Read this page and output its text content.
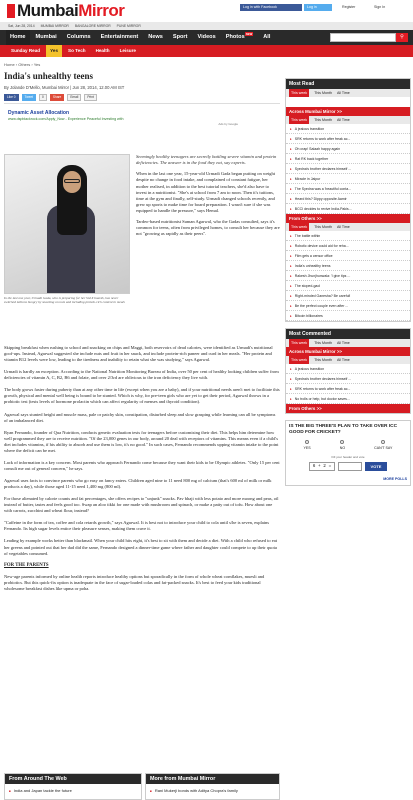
Mumbai Mirror	Log in with Facebook	Log in	Register	Sign In
Sat, Jun 28, 2014 MUMBAI MIRROR BANGALORE MIRROR PUNE MIRROR
Home	Mumbai	Columns	Entertainment	News	Sport	Videos	Photos$^{NEW}$	All	⚲
Sunday Read	Yes	So Tech	Health	Leisure
Home › Others › Yes
India's unhealthy teens
By Jolande D'Mello, Mumbai Mirror | Jun 28, 2014, 12.00 AM IST
Like 0	Tweet	0	Share	Email	Print
Dynamic Asset Allocation
www.dspblackrock.com/Apply_Now - Experience Peaceful Investing with
Ads by Google
In the last one year, Urmadi Gada, who is preparing for her Std X boards, has never switched tuitions hungry by snacking on nuts and including protein-rich content in meals
Seemingly healthy teenagers are secretly battling severe vitamin and protein deficiencies. The answer is in the food they eat, say experts.

When in the last one year, 15-year-old Urmadi Gada began putting on weight despite no change in food intake, and complained of constant fatigue, her mother realised, in addition to the best tutorial teachers, she'd also have to invest in a nutritionist. "She's at school from 7 am to noon. Then it's tuitions, time at the gym and finally, self-study. Urmadi changed schools recently, and grew up sports to make time for board preparation. I wasn't sure if she was equipped to handle the pressure," says Hemal.

Tardeo-based nutritionist Suman Agarwal, who the Gadas consulted, says it's common for teens, often from privileged homes, to consult her because they are not "growing as rapidly as their peers".

Skipping breakfast when rushing to school and snacking on chips and Maggi, both reservoirs of dead calories, were identified as Urmadi's nutritional goof-ups. Instead, Agarwal suggested she include nuts and fruit in her snack, and include protein-rich paneer and curd in her meals. "Her protein and vitamin B12 levels were low, leading to the tiredness and inability to retain what she was studying," says Agarwal.

Urmadi is hardly an exception. According to the National Nutrition Monitoring Bureau of India, over 50 per cent of healthy looking children suffer from deficiencies of vitamin A, C, B2, B6 and folate, and over 2/3rd are oblivious to the iron deficiency they live with.

The body grows faster during puberty than at any other time in life (except when you are a baby), and if your nutritional needs aren't met to facilitate this growth, physical and mental well being is bound to be stunted. Which is why, for pre-teen girls who are yet to get their period, Agarwal throws in a probiotic test (tests levels of hormone prolactin which can affect regularity of menses and thyroid condition).

Agarwal says stunted height and muscle mass, pale or patchy skin, constipation, disturbed sleep and slow grasping while learning can all be symptoms of an imbalanced diet.

Ryan Fernando, founder of Qua Nutrition, conducts genetic evaluation tests for teenagers before customising their diet. This helps him determine how well programmed they are to receive nutrition. "Of the 23,000 genes in our body, around 20 deal with receptors of vitamins. This means even if a child's diet includes vitamins, if his ability to absorb and use them is low, it's no good." In such cases, Fernando recommends upping vitamin intake to the point where the deficit can be met.

Lack of information is a key concern. Most parents who approach Fernando come because they want their kids to be Olympic athletes. "Only 15 per cent consult me out of general concern," he says.

Agarwal uses facts to convince parents who go easy on fancy eaters. Children aged nine to 11 need 800 mg of calcium (that's 600 ml of milk or milk products a day), while those aged 11-15 need 1,400 mg (800 ml).

For those alienated by calorie counts and fat percentages, she offers recipes to "unjunk" snacks. Pav bhaji with less potato and more moong and peas, oil instead of butter, tastes and feels good too. Swap an aloo tikki for one made with mushroom and spinach, or make a patty out of tofu. How about one with carrots, zucchini and wheat flour, instead?

"Caffeine in the form of tea, coffee and cola retards growth," says Agarwal. It is best not to introduce your child to cola until s/he is seven, explains Fernando. Its high sugar levels entice their pleasure senses, making them crave it.

Leading by example works better than blackmail. When your child hits eight, it's best to sit with them and decide a diet. With a child who refused to eat her greens and pointed out that her dad did the same, Fernando designed a dinner-time game where father and daughter could compete to up their quota of vegetables consumed.

FOR THE PARENTS

New-age parents informed by online health reports introduce healthy options but sporadically in the form of whole wheat cornflakes, muesli and probiotics. But this quick-fix option is inadequate in the face of sugar-loaded colas and fat-packed snacks. It's best to feed your kids traditional wholesome breakfast dishes like upma or poha.

From Around The Web
■ India and Japan tackle the future
More from Mumbai Mirror
■ Rani Mukerji bonds with Aditya Chopra's family
Most Read
This week	This Month All Time
Across Mumbai Mirror >>
This week	This Month All Time
▸ A jealous transition
▸ SRK returns to work after freak ac...
▸ Oh crap! Salaah happy again
▸ Rat RK back together
▸ Syedna's brother declares himself ...
▸ Miracle in Jaipur
▸ The Syedna was a 'beautiful conta...
▸ Heard this? Dippy opposite Aamir
▸ BCCI decides to revive India-Pakis...
From Others >>
This week	This Month All Time
▸ The battle within
▸ Robotic device could aid for reha...
▸ Film gets a censor office
▸ India's unhealthy teens
▸ Rakesh Jhunjhunwala: 'I give tips ...
▸ The stoped-gaol
▸ Right-minded Ganesha? Be careful!
▸ Be the perfect couple even after ...
▸ Bitcoin billionaires
Most Commented
This week	This Month All Time
Across Mumbai Mirror >>
This week	This Month All Time
▸ A jealous transition
▸ Syedna's brother declares himself ...
▸ SRK returns to work after freak ac...
▸ No trolls or help, but doctor saves...
From Others >>
IS THE BIG THREE'S PLAN TO TAKE OVER ICC GOOD FOR CRICKET?
YES	NO	CAN'T SAY
Fill your header and vote
6 + 2 =	VOTE
MORE POLLS
